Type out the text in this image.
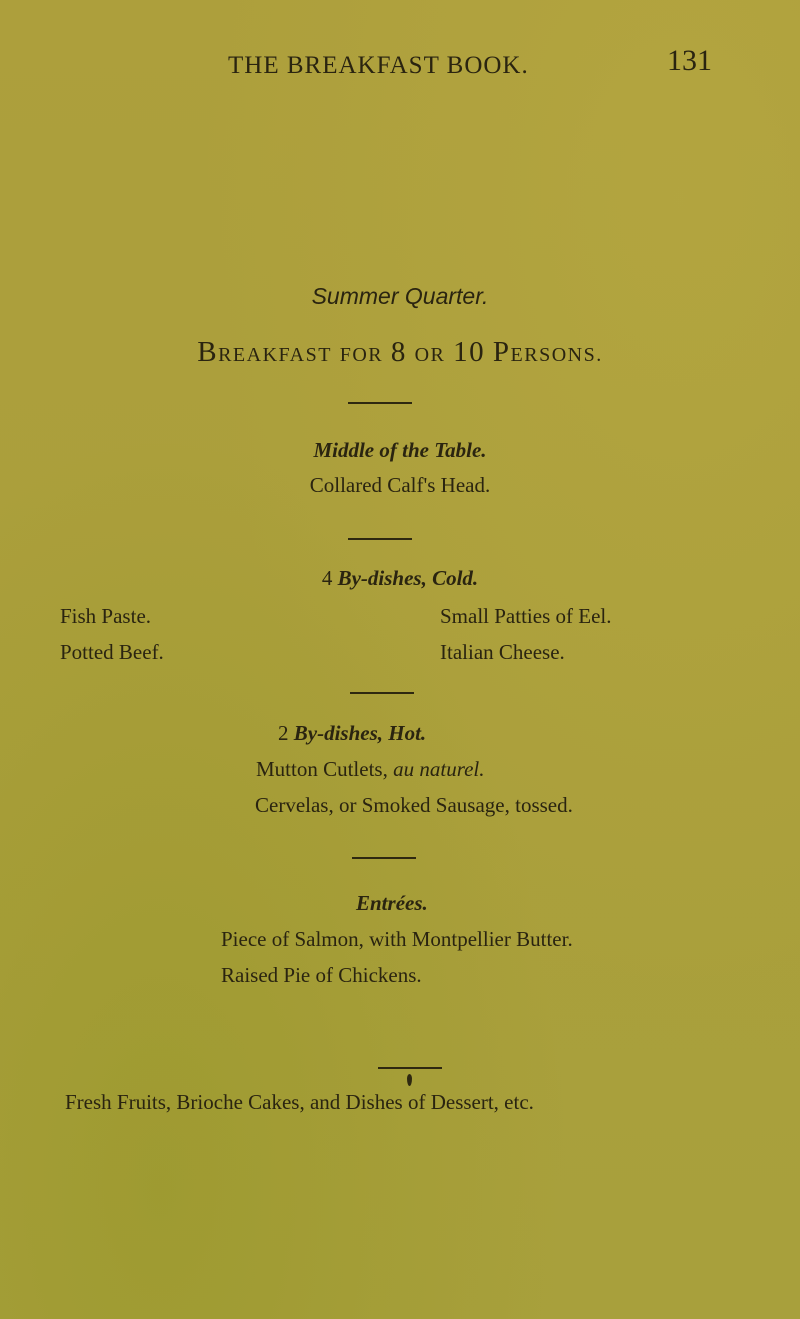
THE BREAKFAST BOOK.	131
Summer Quarter.
BREAKFAST FOR 8 OR 10 PERSONS.
Middle of the Table.
Collared Calf's Head.
4 By-dishes, Cold.
Fish Paste.
Potted Beef.
Small Patties of Eel.
Italian Cheese.
2 By-dishes, Hot.
Mutton Cutlets, au naturel.
Cervelas, or Smoked Sausage, tossed.
Entrées.
Piece of Salmon, with Montpellier Butter.
Raised Pie of Chickens.
Fresh Fruits, Brioche Cakes, and Dishes of Dessert, etc.
